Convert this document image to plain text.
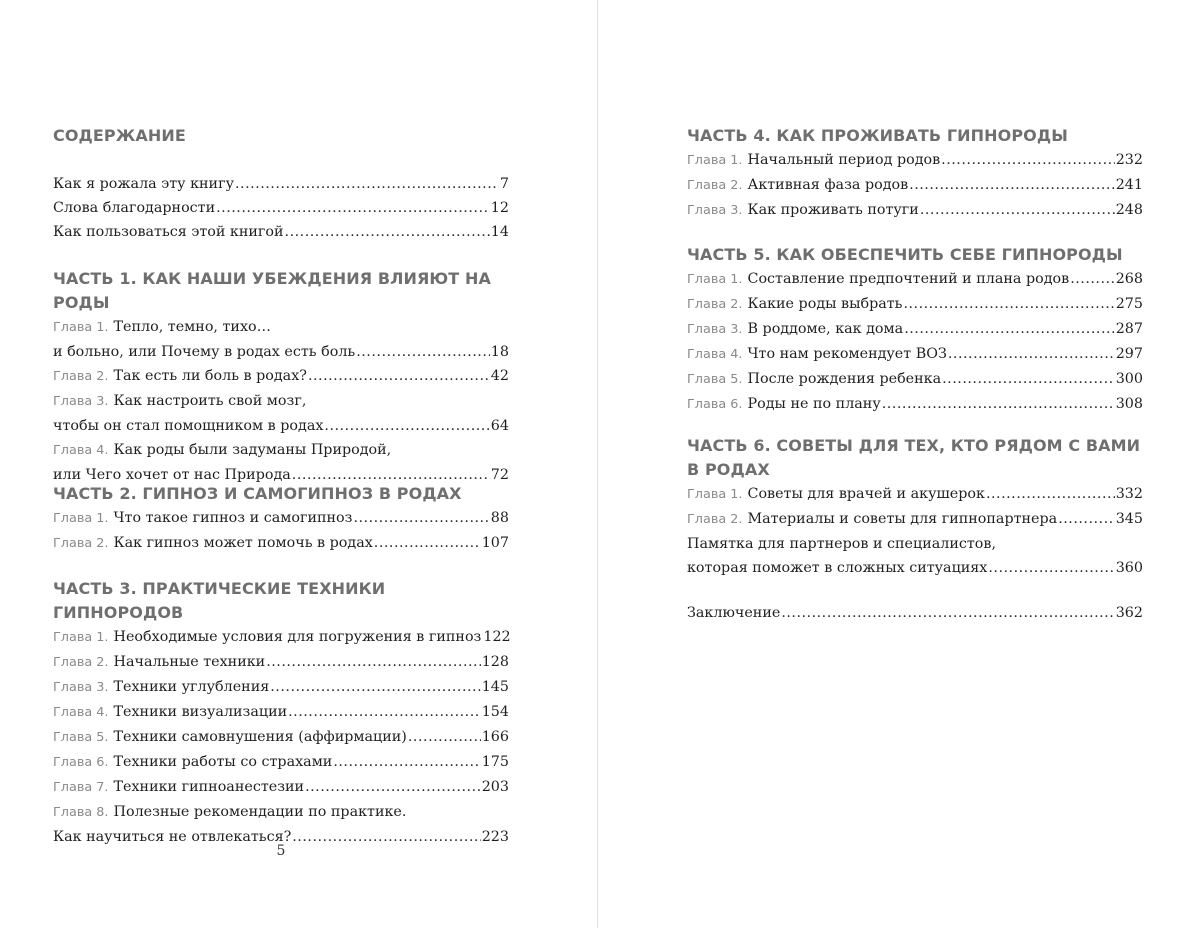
СОДЕРЖАНИЕ
Как я рожала эту книгу .....	7
Слова благодарности .....	12
Как пользоваться этой книгой .....	14
ЧАСТЬ 1. КАК НАШИ УБЕЖДЕНИЯ ВЛИЯЮТ НА РОДЫ
Глава 1. Тепло, темно, тихо…
и больно, или Почему в родах есть боль .....	18
Глава 2. Так есть ли боль в родах? .....	42
Глава 3. Как настроить свой мозг,
чтобы он стал помощником в родах .....	64
Глава 4. Как роды были задуманы Природой,
или Чего хочет от нас Природа .....	72
ЧАСТЬ 2. ГИПНОЗ И САМОГИПНОЗ В РОДАХ
Глава 1. Что такое гипноз и самогипноз .....	88
Глава 2. Как гипноз может помочь в родах .....	107
ЧАСТЬ 3. ПРАКТИЧЕСКИЕ ТЕХНИКИ ГИПНОРОДОВ
Глава 1. Необходимые условия для погружения в гипноз 122
Глава 2. Начальные техники .....	128
Глава 3. Техники углубления .....	145
Глава 4. Техники визуализации .....	154
Глава 5. Техники самовнушения (аффирмации) .....	166
Глава 6. Техники работы со страхами .....	175
Глава 7. Техники гипноанестезии .....	203
Глава 8. Полезные рекомендации по практике.
Как научиться не отвлекаться? .....	223
5
ЧАСТЬ 4. КАК ПРОЖИВАТЬ ГИПНОРОДЫ
Глава 1. Начальный период родов .....	232
Глава 2. Активная фаза родов .....	241
Глава 3. Как проживать потуги .....	248
ЧАСТЬ 5. КАК ОБЕСПЕЧИТЬ СЕБЕ ГИПНОРОДЫ
Глава 1. Составление предпочтений и плана родов .....	268
Глава 2. Какие роды выбрать .....	275
Глава 3. В роддоме, как дома .....	287
Глава 4. Что нам рекомендует ВОЗ .....	297
Глава 5. После рождения ребенка .....	300
Глава 6. Роды не по плану .....	308
ЧАСТЬ 6. СОВЕТЫ ДЛЯ ТЕХ, КТО РЯДОМ С ВАМИ
В РОДАХ
Глава 1. Советы для врачей и акушерок .....	332
Глава 2. Материалы и советы для гипнопартнера .....	345
Памятка для партнеров и специалистов,
которая поможет в сложных ситуациях .....	360
Заключение .....	362
